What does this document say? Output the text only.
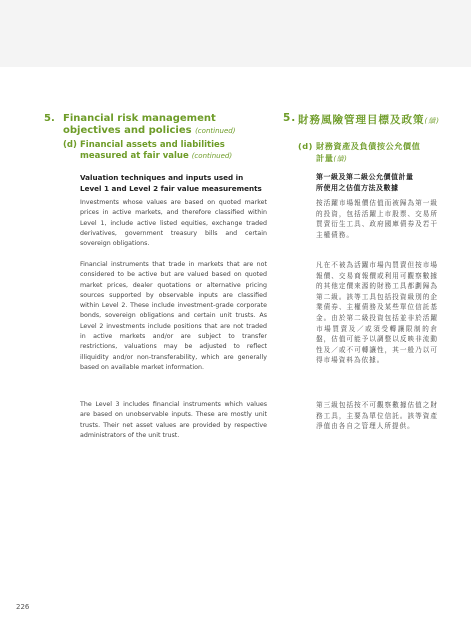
5. Financial risk management objectives and policies (continued)
(d) Financial assets and liabilities measured at fair value (continued)
Valuation techniques and inputs used in Level 1 and Level 2 fair value measurements
Investments whose values are based on quoted market prices in active markets, and therefore classified within Level 1, include active listed equities, exchange traded derivatives, government treasury bills and certain sovereign obligations.
Financial instruments that trade in markets that are not considered to be active but are valued based on quoted market prices, dealer quotations or alternative pricing sources supported by observable inputs are classified within Level 2. These include investment-grade corporate bonds, sovereign obligations and certain unit trusts. As Level 2 investments include positions that are not traded in active markets and/or are subject to transfer restrictions, valuations may be adjusted to reflect illiquidity and/or non-transferability, which are generally based on available market information.
The Level 3 includes financial instruments which values are based on unobservable inputs. These are mostly unit trusts. Their net asset values are provided by respective administrators of the unit trust.
5. 財務風險管理目標及政策(續)
(d) 財務資產及負債按公允價值
計量(續)
第一級及第二級公允價值計量
所使用之估值方法及數據
按活躍市場報價估值而被歸為第一級的投資，包括活躍上市股票、交易所買賣衍生工具、政府國庫債券及若干主權債務。
凡在不被為活躍市場內買賣但按市場報價、交易商報價或利用可觀察數據的其他定價來源的財務工具都劃歸為第二級。該等工具包括投資級別的企業債券、主權債務及某些單位信託基金。由於第二級投資包括並非於活躍市場買賣及／或須受轉讓限制的倉盤，估值可能予以調整以反映非流動性及／或不可轉讓性，其一般乃以可得市場資料為依據。
第三級包括按不可觀察數據估值之財務工具，主要為單位信託。該等資產淨值由各自之管理人所提供。
226
